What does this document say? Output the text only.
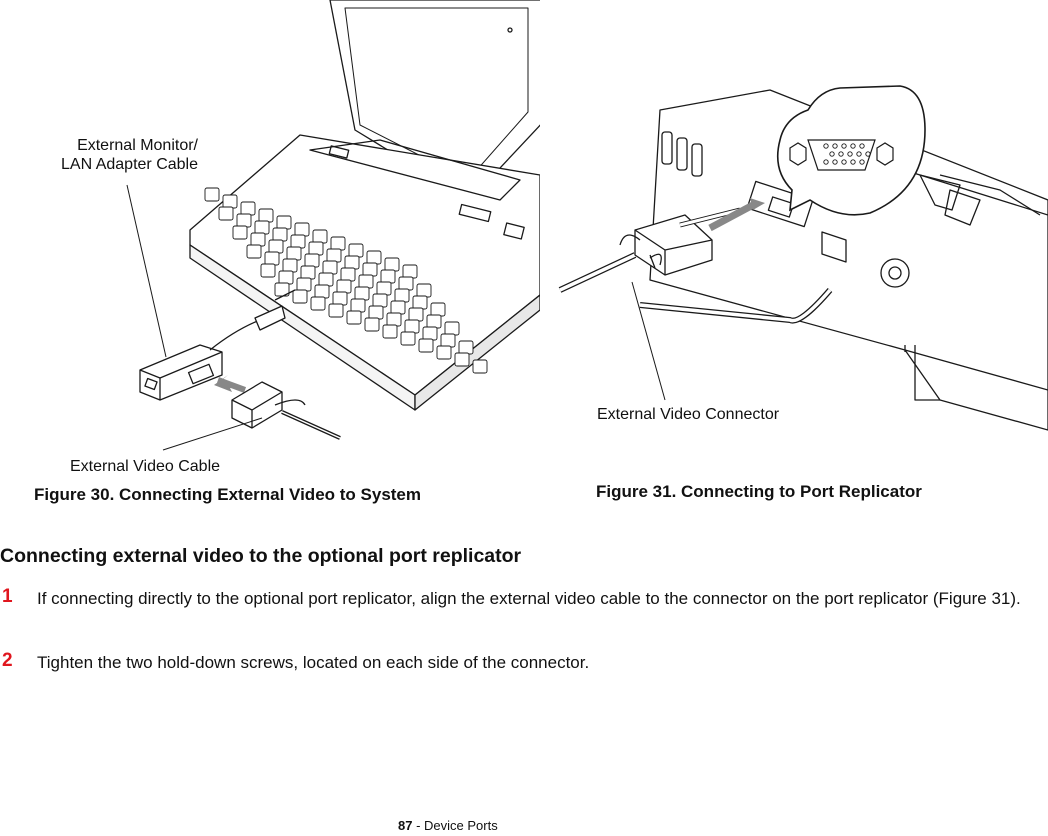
External Monitor/
LAN Adapter Cable
External Video Cable
External Video Connector
Figure 30. Connecting External Video to System	Figure 31. Connecting to Port Replicator
Connecting external video to the optional port replicator
1 If connecting directly to the optional port replicator, align the external video cable to the connector on the port replicator (Figure 31).
2 Tighten the two hold-down screws, located on each side of the connector.
87 - Device Ports
